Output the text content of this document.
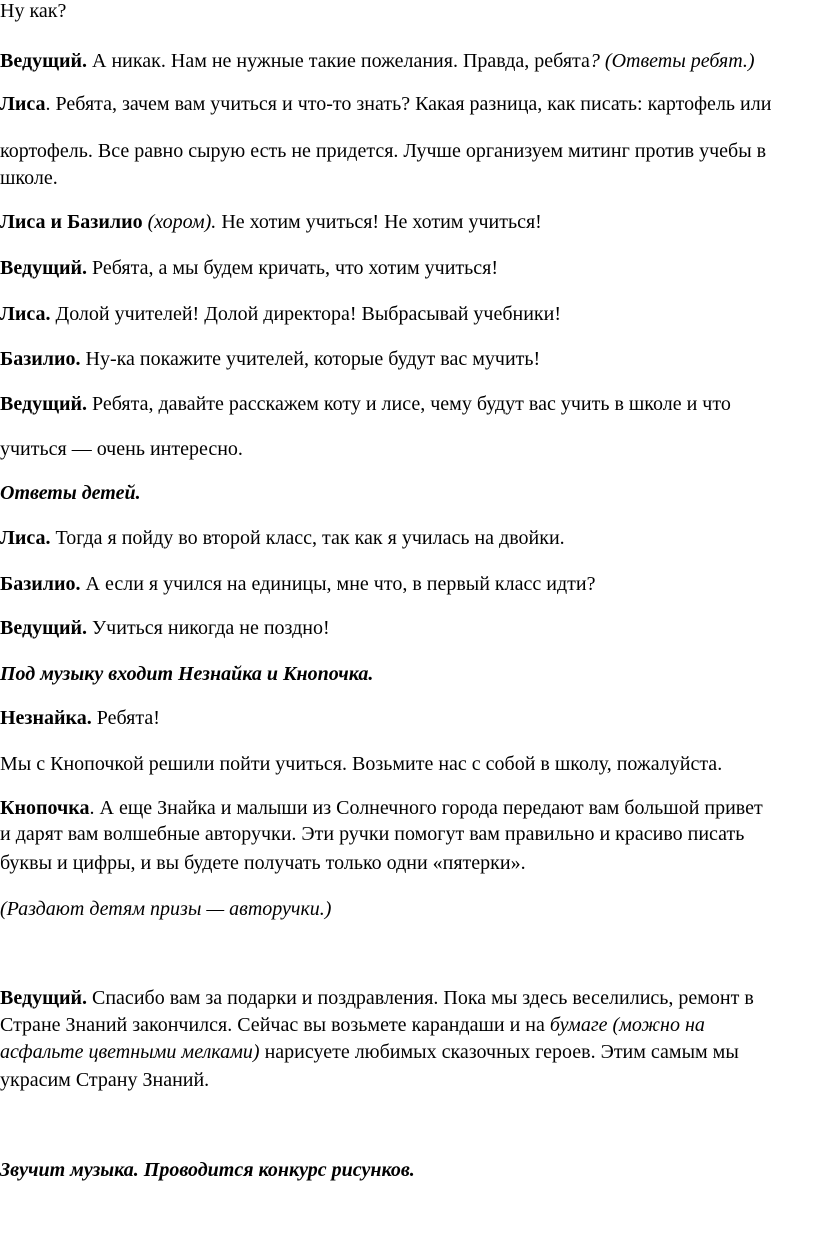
Ну как?
Ведущий. А никак. Нам не нужные такие пожелания. Правда, ребята? (Ответы ребят.)
Лиса. Ребята, зачем вам учиться и что-то знать? Какая разница, как писать: картофель или
кортофель. Все равно сырую есть не придется. Лучше организуем митинг против учебы в
школе.
Лиса и Базилио (хором). Не хотим учиться! Не хотим учиться!
Ведущий. Ребята, а мы будем кричать, что хотим учиться!
Лиса. Долой учителей! Долой директора! Выбрасывай учебники!
Базилио. Ну-ка покажите учителей, которые будут вас мучить!
Ведущий. Ребята, давайте расскажем коту и лисе, чему будут вас учить в школе и что
учиться — очень интересно.
Ответы детей.
Лиса. Тогда я пойду во второй класс, так как я училась на двойки.
Базилио. А если я учился на единицы, мне что, в первый класс идти?
Ведущий. Учиться никогда не поздно!
Под музыку входит Незнайка и Кнопочка.
Незнайка. Ребята!
Мы с Кнопочкой решили пойти учиться. Возьмите нас с собой в школу, пожалуйста.
Кнопочка. А еще Знайка и малыши из Солнечного города передают вам большой привет
и дарят вам волшебные авторучки. Эти ручки помогут вам правильно и красиво писать
буквы и цифры, и вы будете получать только одни «пятерки».
(Раздают детям призы — авторучки.)
Ведущий. Спасибо вам за подарки и поздравления. Пока мы здесь веселились, ремонт в
Стране Знаний закончился. Сейчас вы возьмете карандаши и на бумаге (можно на
асфальте цветными мелками) нарисуете любимых сказочных героев. Этим самым мы
украсим Страну Знаний.
Звучит музыка. Проводится конкурс рисунков.
